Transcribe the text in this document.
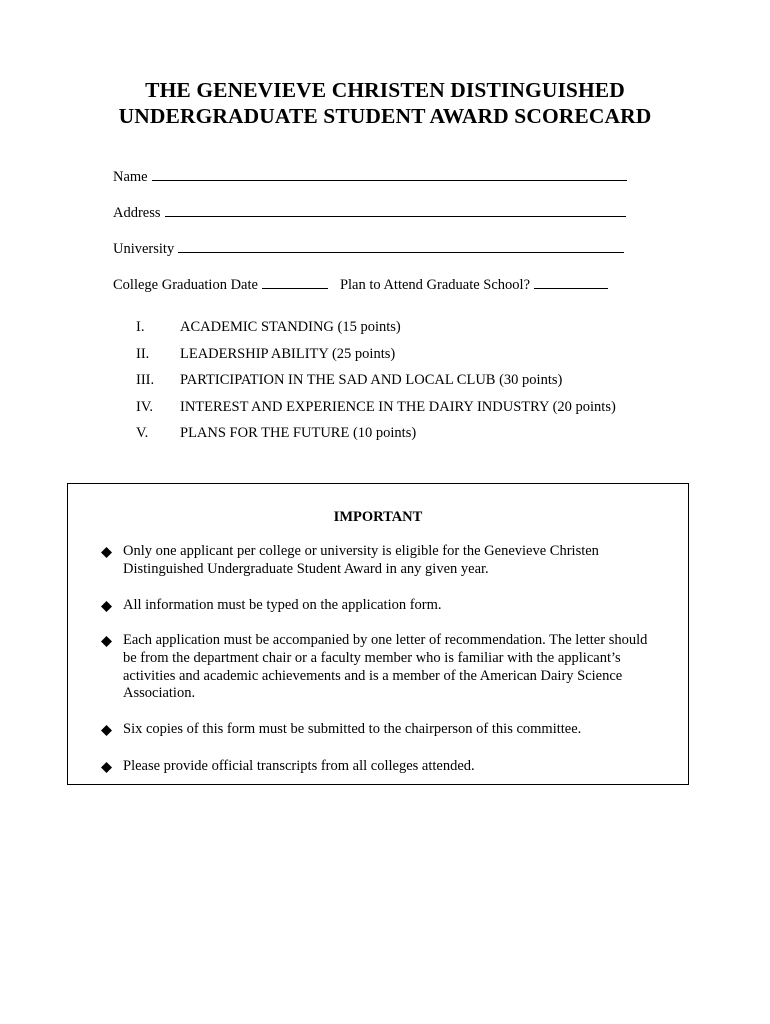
THE GENEVIEVE CHRISTEN DISTINGUISHED
UNDERGRADUATE STUDENT AWARD SCORECARD
Name
Address
University
College Graduation Date	Plan to Attend Graduate School?
I. ACADEMIC STANDING (15 points)
II. LEADERSHIP ABILITY (25 points)
III. PARTICIPATION IN THE SAD AND LOCAL CLUB (30 points)
IV. INTEREST AND EXPERIENCE IN THE DAIRY INDUSTRY (20 points)
V. PLANS FOR THE FUTURE (10 points)
IMPORTANT
Only one applicant per college or university is eligible for the Genevieve Christen
Distinguished Undergraduate Student Award in any given year.
All information must be typed on the application form.
Each application must be accompanied by one letter of recommendation. The letter should
be from the department chair or a faculty member who is familiar with the applicant’s
activities and academic achievements and is a member of the American Dairy Science
Association.
Six copies of this form must be submitted to the chairperson of this committee.
Please provide official transcripts from all colleges attended.
